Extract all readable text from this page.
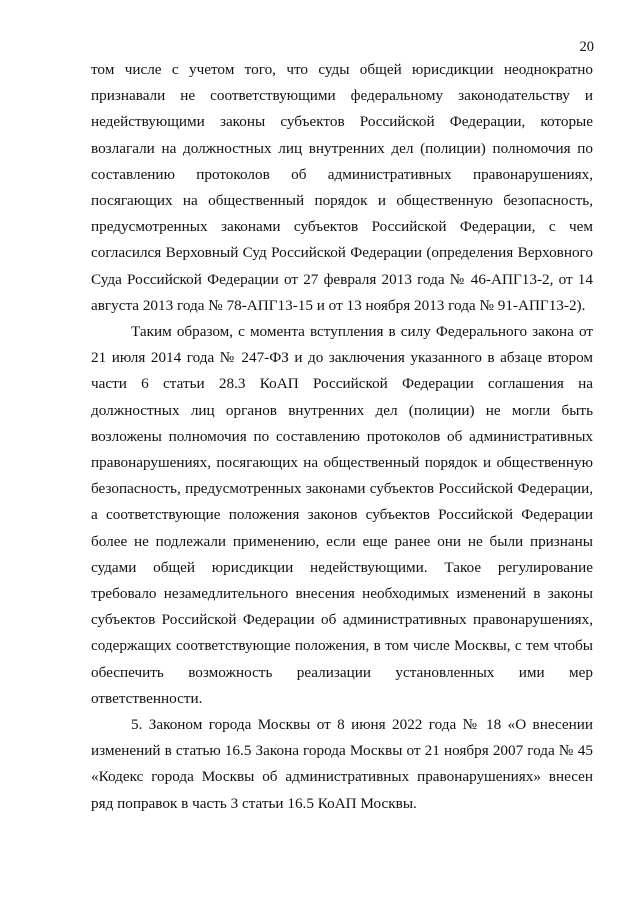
20

том числе с учетом того, что суды общей юрисдикции неоднократно признавали не соответствующими федеральному законодательству и недействующими законы субъектов Российской Федерации, которые возлагали на должностных лиц внутренних дел (полиции) полномочия по составлению протоколов об административных правонарушениях, посягающих на общественный порядок и общественную безопасность, предусмотренных законами субъектов Российской Федерации, с чем согласился Верховный Суд Российской Федерации (определения Верховного Суда Российской Федерации от 27 февраля 2013 года № 46-АПГ13-2, от 14 августа 2013 года № 78-АПГ13-15 и от 13 ноября 2013 года № 91-АПГ13-2).

Таким образом, с момента вступления в силу Федерального закона от 21 июля 2014 года № 247-ФЗ и до заключения указанного в абзаце втором части 6 статьи 28.3 КоАП Российской Федерации соглашения на должностных лиц органов внутренних дел (полиции) не могли быть возложены полномочия по составлению протоколов об административных правонарушениях, посягающих на общественный порядок и общественную безопасность, предусмотренных законами субъектов Российской Федерации, а соответствующие положения законов субъектов Российской Федерации более не подлежали применению, если еще ранее они не были признаны судами общей юрисдикции недействующими. Такое регулирование требовало незамедлительного внесения необходимых изменений в законы субъектов Российской Федерации об административных правонарушениях, содержащих соответствующие положения, в том числе Москвы, с тем чтобы обеспечить возможность реализации установленных ими мер ответственности.

5. Законом города Москвы от 8 июня 2022 года № 18 «О внесении изменений в статью 16.5 Закона города Москвы от 21 ноября 2007 года № 45 «Кодекс города Москвы об административных правонарушениях» внесен ряд поправок в часть 3 статьи 16.5 КоАП Москвы.
